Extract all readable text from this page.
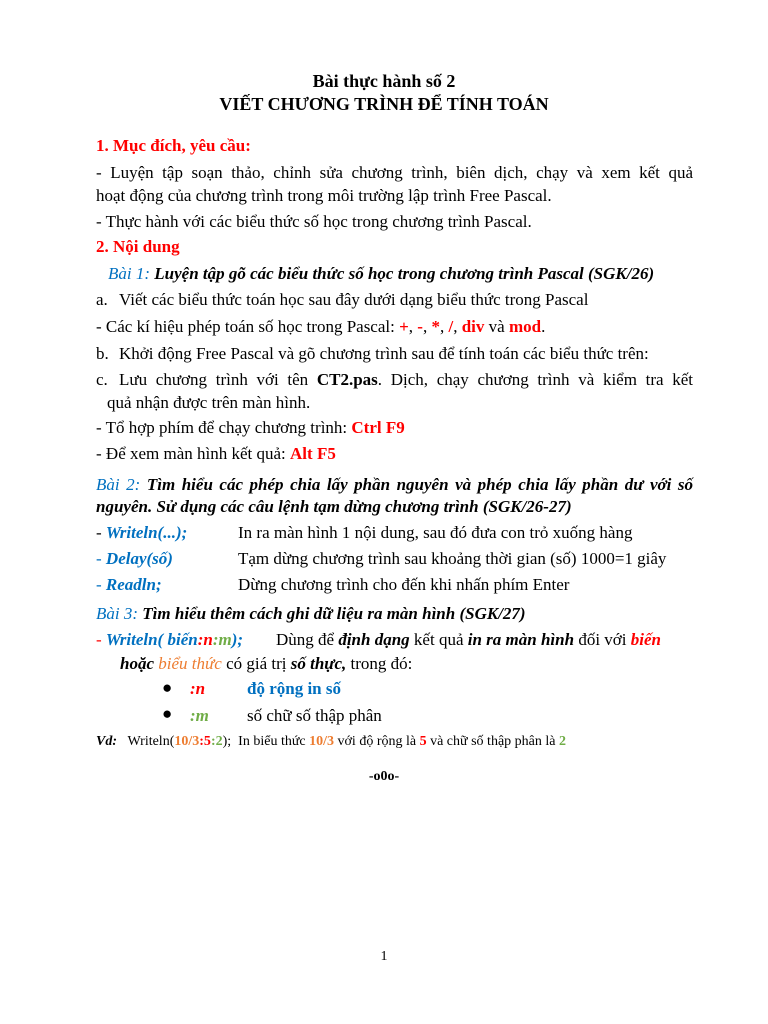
Bài thực hành số 2
VIẾT CHƯƠNG TRÌNH ĐỂ TÍNH TOÁN
1. Mục đích, yêu cầu:
- Luyện tập soạn thảo, chỉnh sửa chương trình, biên dịch, chạy và xem kết quả
hoạt động của chương trình trong môi trường lập trình Free Pascal.
- Thực hành với các biểu thức số học trong chương trình Pascal.
2. Nội dung
Bài 1: Luyện tập gõ các biểu thức số học trong chương trình Pascal (SGK/26)
a. Viết các biểu thức toán học sau đây dưới dạng biểu thức trong Pascal
- Các kí hiệu phép toán số học trong Pascal: +, -, *, /, div và mod.
b. Khởi động Free Pascal và gõ chương trình sau để tính toán các biểu thức trên:
c. Lưu chương trình với tên CT2.pas. Dịch, chạy chương trình và kiểm tra kết
quả nhận được trên màn hình.
- Tổ hợp phím để chạy chương trình: Ctrl F9
- Để xem màn hình kết quả: Alt F5
Bài 2: Tìm hiểu các phép chia lấy phần nguyên và phép chia lấy phần dư với số
nguyên. Sử dụng các câu lệnh tạm dừng chương trình (SGK/26-27)
- Writeln(...);	In ra màn hình 1 nội dung, sau đó đưa con trỏ xuống hàng
- Delay(số)	Tạm dừng chương trình sau khoảng thời gian (số) 1000=1 giây
- Readln;	Dừng chương trình cho đến khi nhấn phím Enter
Bài 3: Tìm hiểu thêm cách ghi dữ liệu ra màn hình (SGK/27)
- Writeln( biến:n:m); Dùng để định dạng kết quả in ra màn hình đối với biến
hoặc biểu thức có giá trị số thực, trong đó:
● :n độ rộng in số
● :m số chữ số thập phân
Vd: Writeln(10/3:5:2); In biểu thức 10/3 với độ rộng là 5 và chữ số thập phân là 2
-o0o-
1
